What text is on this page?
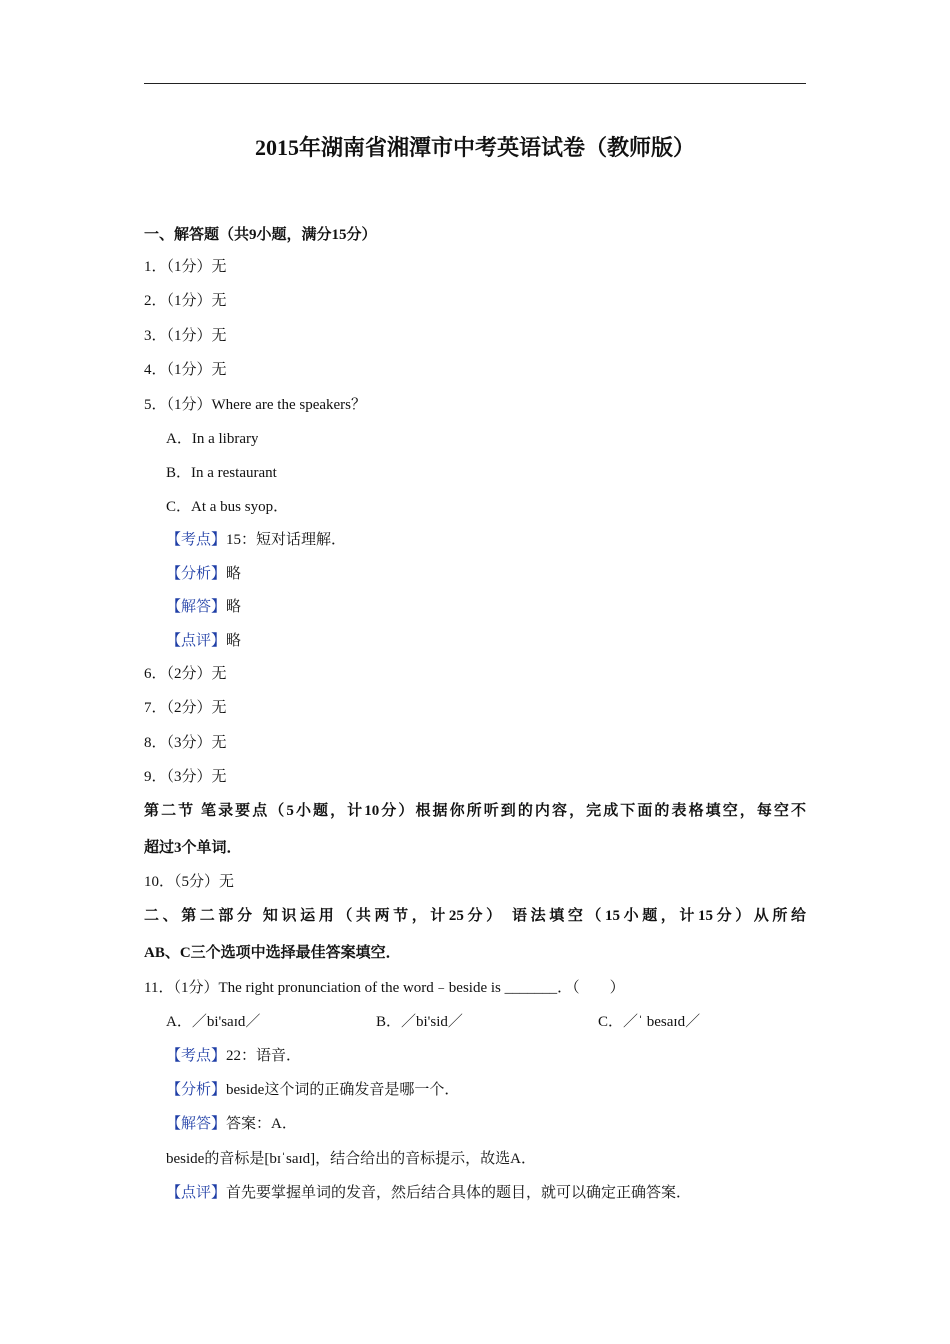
2015年湖南省湘潭市中考英语试卷（教师版）
一、解答题（共9小题，满分15分）
1．（1分）无
2．（1分）无
3．（1分）无
4．（1分）无
5．（1分）Where are the speakers？
A．In a library
B．In a restaurant
C．At a bus syop．
【考点】15：短对话理解．
【分析】略
【解答】略
【点评】略
6．（2分）无
7．（2分）无
8．（3分）无
9．（3分）无
第二节 笔录要点（5小题，计10分）根据你所听到的内容，完成下面的表格填空，每空不
超过3个单词．
10．（5分）无
二、第二部分 知识运用（共两节，计25分） 语法填空（15小题，计15分）从所给
AB、C三个选项中选择最佳答案填空．
11．（1分）The right pronunciation of the word﹣beside is _______．（　　）
A．／bi'saɪd／	B．／bi'sid／	C．／ˈ besaɪd／
【考点】22：语音．
【分析】beside这个词的正确发音是哪一个．
【解答】答案：A．
beside的音标是[bɪˈsaɪd]，结合给出的音标提示，故选A．
【点评】首先要掌握单词的发音，然后结合具体的题目，就可以确定正确答案．
